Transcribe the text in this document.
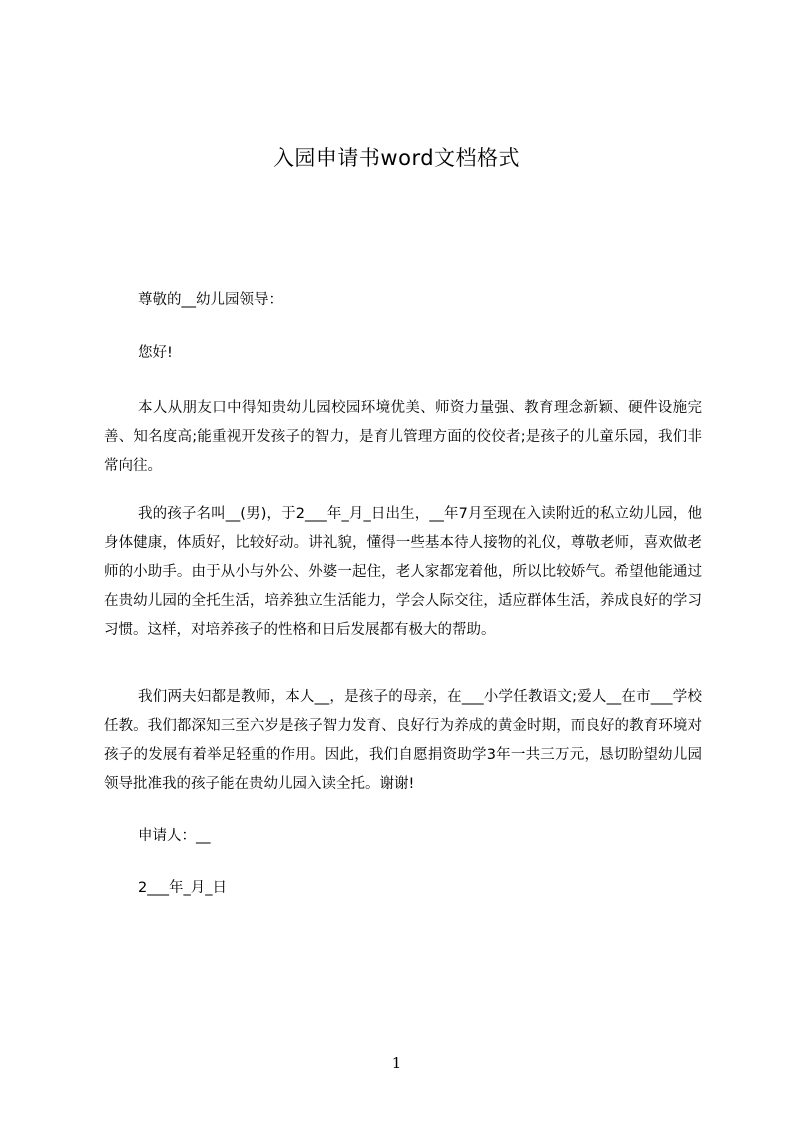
入园申请书word文档格式

尊敬的__幼儿园领导：

您好!

本人从朋友口中得知贵幼儿园校园环境优美、师资力量强、教育理念新颖、硬件设施完善、知名度高;能重视开发孩子的智力，是育儿管理方面的佼佼者;是孩子的儿童乐园，我们非常向往。

我的孩子名叫__(男)，于2___年_月_日出生，__年7月至现在入读附近的私立幼儿园，他身体健康，体质好，比较好动。讲礼貌，懂得一些基本待人接物的礼仪，尊敬老师，喜欢做老师的小助手。由于从小与外公、外婆一起住，老人家都宠着他，所以比较娇气。希望他能通过在贵幼儿园的全托生活，培养独立生活能力，学会人际交往，适应群体生活，养成良好的学习习惯。这样，对培养孩子的性格和日后发展都有极大的帮助。

我们两夫妇都是教师，本人__，是孩子的母亲，在___小学任教语文;爱人__在市___学校任教。我们都深知三至六岁是孩子智力发育、良好行为养成的黄金时期，而良好的教育环境对孩子的发展有着举足轻重的作用。因此，我们自愿捐资助学3年一共三万元，恳切盼望幼儿园领导批准我的孩子能在贵幼儿园入读全托。谢谢!

申请人：__

2___年_月_日

1
